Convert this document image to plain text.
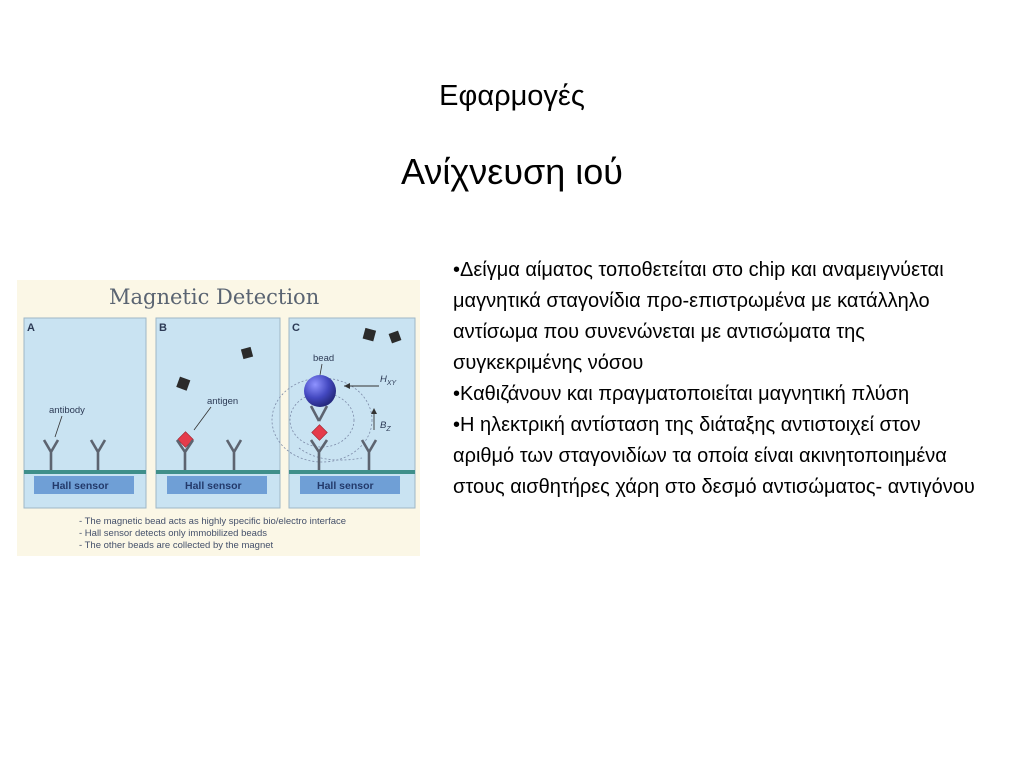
Εφαρμογές
Ανίχνευση ιού
•Δείγμα αίματος τοποθετείται στο chip και αναμειγνύεται μαγνητικά σταγονίδια προ-επιστρωμένα με κατάλληλο αντίσωμα που συνενώνεται με αντισώματα της συγκεκριμένης νόσου
•Καθιζάνουν και πραγματοποιείται μαγνητική πλύση
•Η ηλεκτρική αντίσταση της διάταξης αντιστοιχεί στον αριθμό των σταγονιδίων τα οποία είναι ακινητοποιημένα στους αισθητήρες χάρη στο δεσμό αντισώματος- αντιγόνου
Magnetic Detection
A
antibody
Hall sensor
B
antigen
Hall sensor
C
bead
$H_{XY}$
$B_Z$
Hall sensor
- The magnetic bead acts as highly specific bio/electro interface
- Hall sensor detects only immobilized beads
- The other beads are collected by the magnet
